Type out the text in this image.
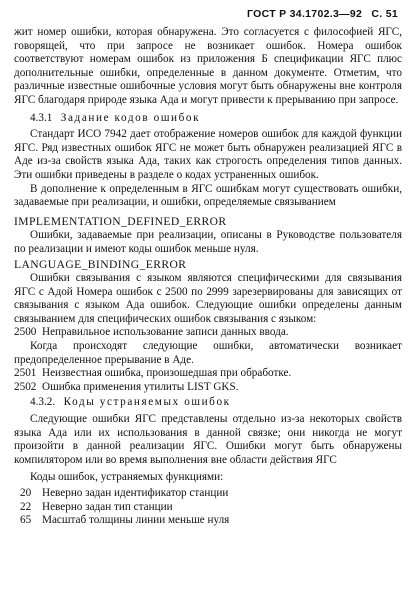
ГОСТ Р 34.1702.3—92 С. 51

жит номер ошибки, которая обнаружена. Это согласуется с философией ЯГС, говорящей, что при запросе не возникает ошибок. Номера ошибок соответствуют номерам ошибок из приложения Б спецификации ЯГС плюс дополнительные ошибки, определенные в данном документе. Отметим, что различные известные ошибочные условия могут быть обнаружены вне контроля ЯГС благодаря природе языка Ада и могут привести к прерыванию при запросе.

4.3.1 Задание кодов ошибок

Стандарт ИСО 7942 дает отображение номеров ошибок для каждой функции ЯГС. Ряд известных ошибок ЯГС не может быть обнаружен реализацией ЯГС в Аде из-за свойств языка Ада, таких как строгость определения типов данных. Эти ошибки приведены в разделе о кодах устраненных ошибок.

В дополнение к определенным в ЯГС ошибкам могут существовать ошибки, задаваемые при реализации, и ошибки, определяемые связыванием

IMPLEMENTATION_DEFINED_ERROR

Ошибки, задаваемые при реализации, описаны в Руководстве пользователя по реализации и имеют коды ошибок меньше нуля.

LANGUAGE_BINDING_ERROR

Ошибки связывания с языком являются специфическими для связывания ЯГС с Адой Номера ошибок с 2500 по 2999 зарезервированы для зависящих от связывания с языком Ада ошибок. Следующие ошибки определены данным связыванием для специфических ошибок связывания с языком:

2500 Неправильное использование записи данных ввода.

Когда происходят следующие ошибки, автоматически возникает предопределенное прерывание в Аде.

2501 Неизвестная ошибка, произошедшая при обработке.
2502 Ошибка применения утилиты LIST GKS.
4.3.2. Коды устраняемых ошибок

Следующие ошибки ЯГС представлены отдельно из-за некоторых свойств языка Ада или их использования в данной связке; они никогда не могут произойти в данной реализации ЯГС. Ошибки могут быть обнаружены компилятором или во время выполнения вне области действия ЯГС

Коды ошибок, устраняемых функциями:

20 Неверно задан идентификатор станции
22 Неверно задан тип станции
65 Масштаб толщины линии меньше нуля
